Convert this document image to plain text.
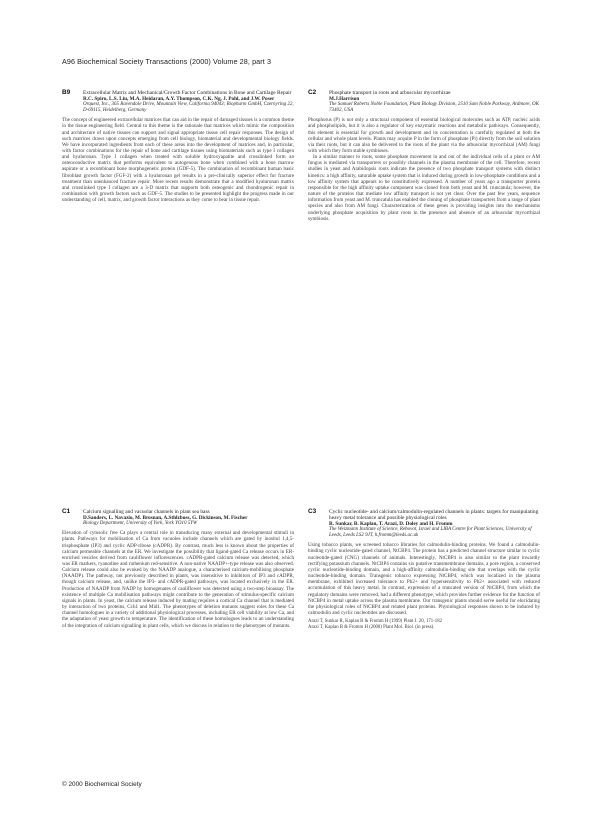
A96 Biochemical Society Transactions (2000) Volume 28, part 3
B9	Extracellular Matrix and Mechanical/Growth Factor Combinations in Bone and Cartilage Repair
R.C. Spiro, L.S. Liu, M.A. Heidaran, A.Y. Thompson, C.K. Ng, J. Pohl, and J.W. Poser
Orquest, Inc., 365 Ravendale Drive, Mountain View, California 94043; Biopharm GmbH, Czernyring 22, D-69115, Heidelberg, Germany

The concept of engineered extracellular matrices that can aid in the repair of damaged tissues is a common theme in the tissue engineering field. Central to this theme is the rationale that matrices which mimic the composition and architecture of native tissues can support and signal appropriate tissue cell repair responses. The design of such matrices draws upon concepts emerging from cell biology, biomaterial and developmental biology fields. We have incorporated ingredients from each of these areas into the development of matrices and, in particular, with factor combinations for the repair of bone and cartilage tissues using biomaterials such as type I collagen and hyaluronan. Type I collagen when treated with soluble hydroxyapatite and crosslinked form an osteoconductive matrix that performs equivalent to autogenous bone when combined with a bone marrow aspirate or a recombinant bone morphogenetic protein (GDF-5). The combination of recombinant human basic fibroblast growth factor (FGF-2) with a hyaluronan gel results in a pre-clinically superior effect for fracture treatment than unenhanced fracture repair. More recent results demonstrate that a modified hyaluronan matrix and crosslinked type I collagen are a 3-D matrix that supports both osteogenic and chondrogenic repair in combination with growth factors such as GDF-5. The studies to be presented highlight the progress made in our understanding of cell, matrix, and growth factor interactions as they come to bear in tissue repair.

C2	Phosphate transport in roots and arbuscular mycorrhizae
M.J.Harrison
The Samuel Roberts Noble Foundation, Plant Biology Division, 2510 Sam Noble Parkway, Ardmore, OK 73402, USA

Phosphorus (P) is not only a structural component of essential biological molecules such as ATP, nucleic acids and phospholipids, but it is also a regulator of key enzymatic reactions and metabolic pathways. Consequently, this element is essential for growth and development and its concentration is carefully regulated at both the cellular and whole plant levels. Plants may acquire P in the form of phosphate (Pi) directly from the soil solution via their roots, but it can also be delivered to the roots of the plant via the arbuscular mycorrhizal (AM) fungi with which they form stable symbioses.

In a similar manner to roots, some phosphate movement in and out of the individual cells of a plant or AM fungus is mediated via transporters or possibly channels in the plasma membrane of the cell. Therefore, recent studies in yeast and Arabidopsis roots indicate the presence of two phosphate transport systems with distinct kinetics: a high affinity, saturable uptake system that is induced during growth in low-phosphate conditions and a low affinity system that appears to be constitutively expressed. A number of years ago a transporter protein responsible for the high affinity uptake component was cloned from both yeast and M. truncatula; however, the nature of the proteins that mediate low affinity transport is not yet clear. Over the past few years, sequence information from yeast and M. truncatula has enabled the cloning of phosphate transporters from a range of plant species and also from AM fungi. Characterization of these genes is providing insights into the mechanisms underlying phosphate acquisition by plant roots in the presence and absence of an arbuscular mycorrhizal symbiosis.

C1	Calcium signalling and vacuolar channels in plant sea bass
D.Sanders, L. Navazio, M. Brosnan, A.Sthlzbuss, G. Dickinson, M. Fischer
Biology Department, University of York, York YO10 5YW

Elevation of cytosolic free Ca plays a central role in transducing many external and developmental stimuli in plants. Pathways for mobilisation of Ca from vacuoles include channels which are gated by inositol 1,4,5-trisphosphate (IP3) and cyclic ADP-ribose (cADPR). By contrast, much less is known about the properties of calcium permeable channels at the ER. We investigate the possibility that ligand-gated Ca release occurs in ER-enriched vesicles derived from cauliflower inflorescences. cADPR-gated calcium release was detected, which was ER markers, ryanodine and ruthenium red-sensitive. A non-native NAADP+-type release was also observed. Calcium release could also be evoked by the NAADP analogue, a characterised calcium-mobilising phosphate (NAADP). The pathway, not previously described in plants, was insensitive to inhibitors of IP3 and cADPR, though calcium release, and, unlike the IP3- and cADPR-gated pathways, was located exclusively in the ER. Production of NAADP from NADP by homogenates of cauliflower was detected using a two-step bioassay. The existence of multiple Ca mobilisation pathways might contribute to the generation of stimulus-specific calcium signals in plants. In yeast, the calcium release induced by mating requires a cortical Ca channel that is mediated by interaction of two proteins, Cch1 and Mid1. The phenotypes of deletion mutants suggest roles for these Ca channel homologues in a variety of additional physiological processes, including ER cell viability at low Ca, and the adaptation of yeast growth to temperature. The identification of these homologues leads to an understanding of the integration of calcium signalling in plant cells, which we discuss in relation to the phenotypes of mutants.

C3	Cyclic nucleotide- and calcium/calmodulin-regulated channels in plants: targets for manipulating heavy metal tolerance and possible physiological roles
R. Sunkar, B. Kaplan, T. Arazi, D. Doley and H. Fromm
The Weizmann Institute of Science, Rehovot, Israel and LIBA Centre for Plant Sciences, University of Leeds, Leeds LS2 9JT, h.fromm@leeds.ac.uk

Using tobacco plants, we screened tobacco libraries for calmodulin-binding proteins. We found a calmodulin-binding cyclic nucleotide-gated channel, NtCBP4. The protein has a predicted channel structure similar to cyclic nucleotide-gated (CNG) channels of animals. Interestingly, NtCBP4 is also similar to the plant inwardly rectifying potassium channels. NtCBP4 contains six putative transmembrane domains, a pore region, a conserved cyclic nucleotide-binding domain, and a high-affinity calmodulin-binding site that overlaps with the cyclic nucleotide-binding domain. Transgenic tobacco expressing NtCBP4, which was localized in the plasma membrane, exhibited increased tolerance to Pb2+ and hypersensitivity to Pb2+ associated with reduced accumulation of this heavy metal. In contrast, expression of a truncated version of NtCBP4, from which the regulatory domains were removed, had a different phenotype, which provides further evidence for the function of NtCBP4 in metal uptake across the plasma membrane. Our transgenic plants should serve useful for elucidating the physiological roles of NtCBP4 and related plant proteins. Physiological responses shown to be induced by calmodulin and cyclic nucleotides are discussed.

Arazi T, Sunkar R, Kaplan B & Fromm H (1999) Plant J. 20, 171-182
Arazi T, Kaplan B & Fromm H (2000) Plant Mol. Biol. (in press).
© 2000 Biochemical Society
